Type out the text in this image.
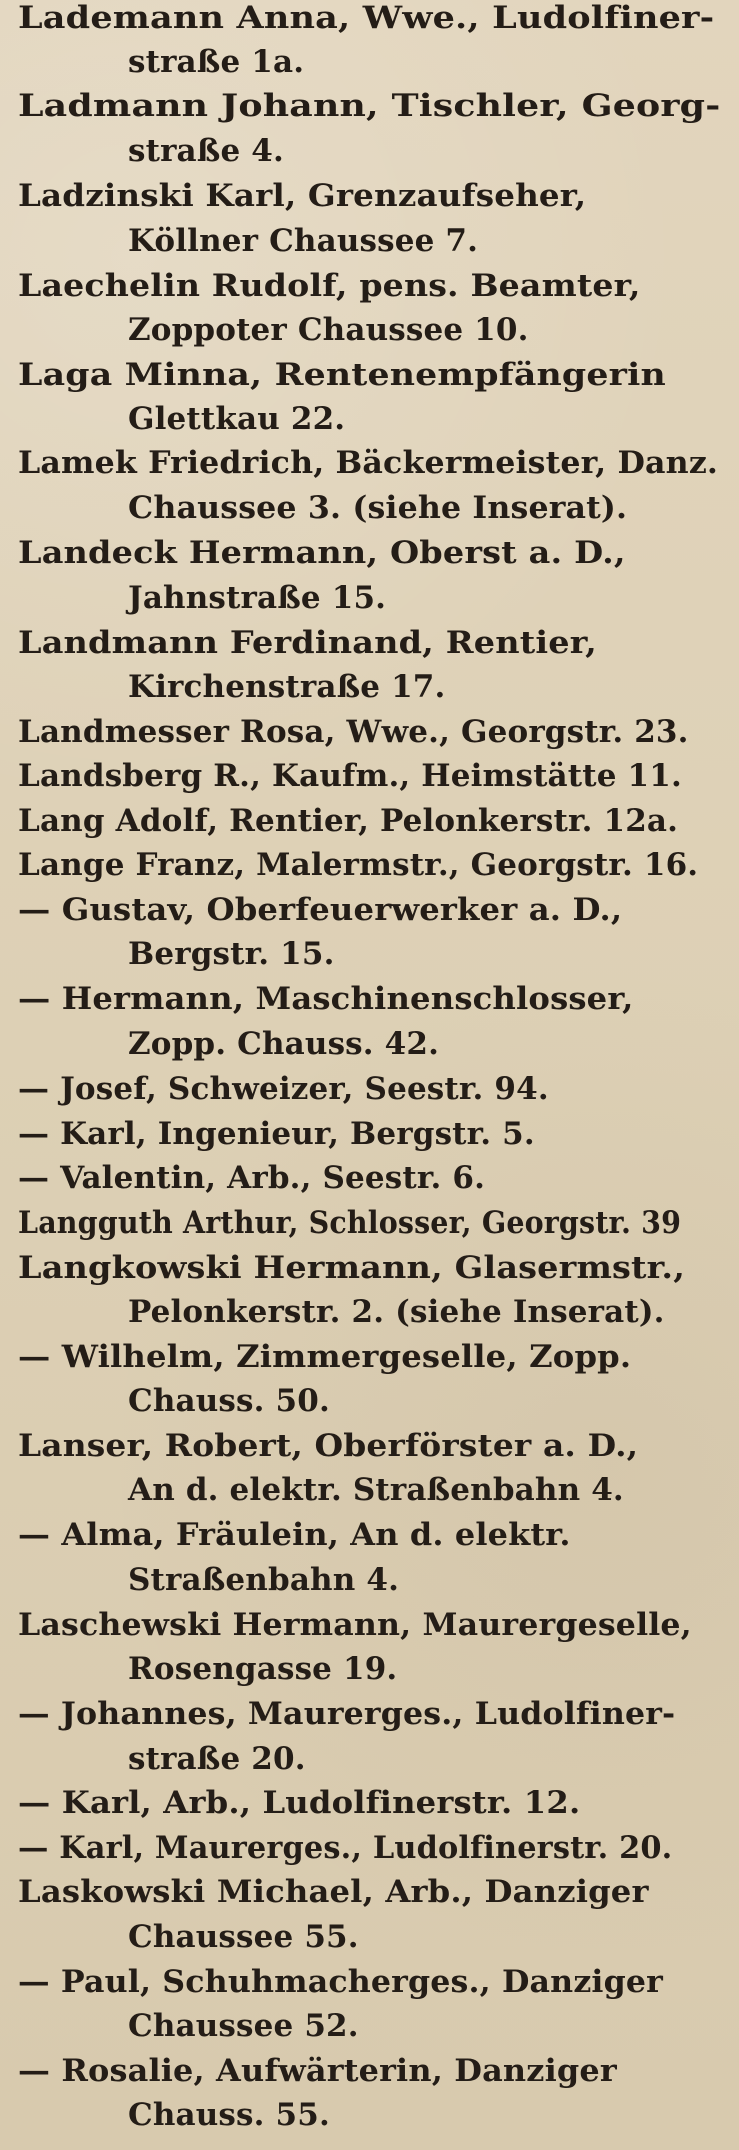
Lademann Anna, Wwe., Ludolfiner-
straße 1a.
Ladmann Johann, Tischler, Georg-
straße 4.
Ladzinski Karl, Grenzaufseher,
Köllner Chaussee 7.
Laechelin Rudolf, pens. Beamter,
Zoppoter Chaussee 10.
Laga Minna, Rentenempfängerin
Glettkau 22.
Lamek Friedrich, Bäckermeister, Danz.
Chaussee 3. (siehe Inserat).
Landeck Hermann, Oberst a. D.,
Jahnstraße 15.
Landmann Ferdinand, Rentier,
Kirchenstraße 17.
Landmesser Rosa, Wwe., Georgstr. 23.
Landsberg R., Kaufm., Heimstätte 11.
Lang Adolf, Rentier, Pelonkerstr. 12a.
Lange Franz, Malermstr., Georgstr. 16.
— Gustav, Oberfeuerwerker a. D.,
Bergstr. 15.
— Hermann, Maschinenschlosser,
Zopp. Chauss. 42.
— Josef, Schweizer, Seestr. 94.
— Karl, Ingenieur, Bergstr. 5.
— Valentin, Arb., Seestr. 6.
Langguth Arthur, Schlosser, Georgstr. 39
Langkowski Hermann, Glasermstr.,
Pelonkerstr. 2. (siehe Inserat).
— Wilhelm, Zimmergeselle, Zopp.
Chauss. 50.
Lanser, Robert, Oberförster a. D.,
An d. elektr. Straßenbahn 4.
— Alma, Fräulein, An d. elektr.
Straßenbahn 4.
Laschewski Hermann, Maurergeselle,
Rosengasse 19.
— Johannes, Maurerges., Ludolfiner-
straße 20.
— Karl, Arb., Ludolfinerstr. 12.
— Karl, Maurerges., Ludolfinerstr. 20.
Laskowski Michael, Arb., Danziger
Chaussee 55.
— Paul, Schuhmacherges., Danziger
Chaussee 52.
— Rosalie, Aufwärterin, Danziger
Chauss. 55.
